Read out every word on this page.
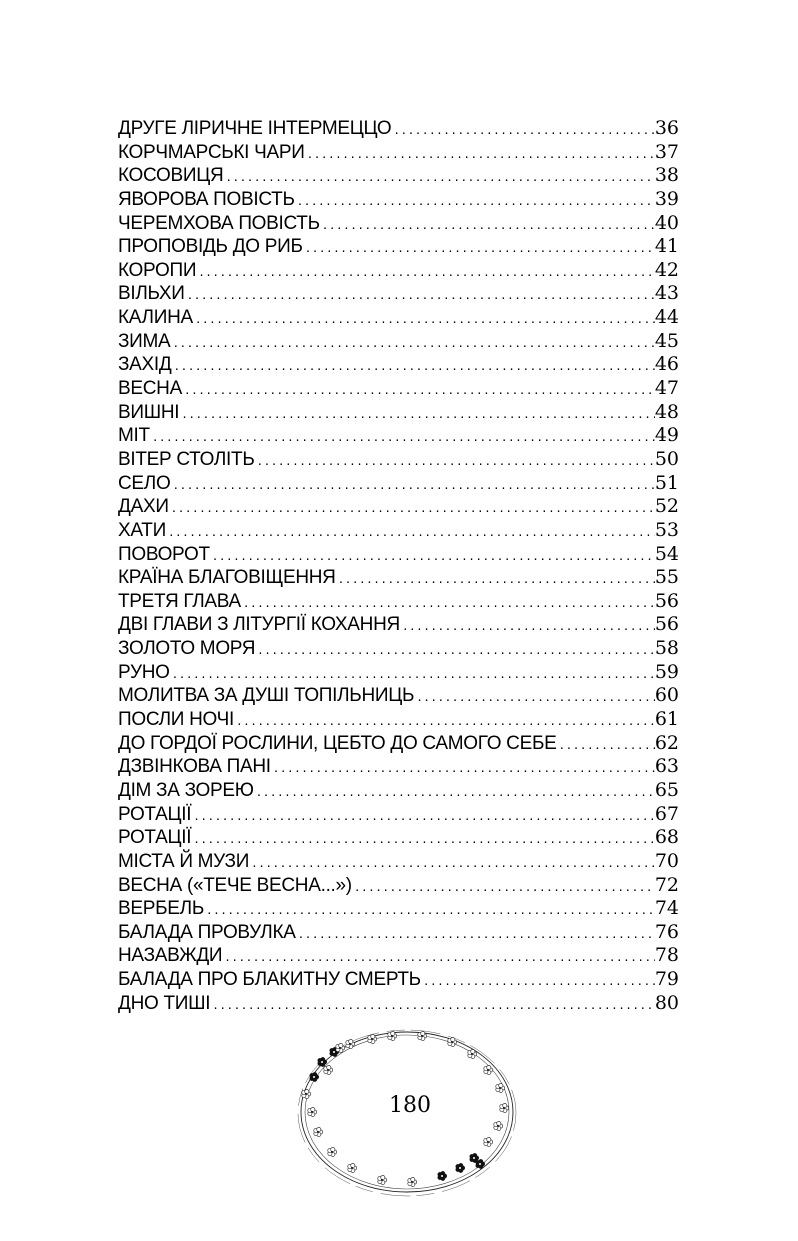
ДРУГЕ ЛІРИЧНЕ ІНТЕРМЕЦЦО .....	36
КОРЧМАРСЬКІ ЧАРИ .....	37
КОСОВИЦЯ .....	38
ЯВОРОВА ПОВІСТЬ .....	39
ЧЕРЕМХОВА ПОВІСТЬ .....	40
ПРОПОВІДЬ ДО РИБ .....	41
КОРОПИ .....	42
ВІЛЬХИ .....	43
КАЛИНА .....	44
ЗИМА .....	45
ЗАХІД .....	46
ВЕСНА .....	47
ВИШНІ .....	48
МІТ .....	49
ВІТЕР СТОЛІТЬ .....	50
СЕЛО .....	51
ДАХИ .....	52
ХАТИ .....	53
ПОВОРОТ .....	54
КРАЇНА БЛАГОВІЩЕННЯ .....	55
ТРЕТЯ ГЛАВА .....	56
ДВІ ГЛАВИ З ЛІТУРГІЇ КОХАННЯ .....	56
ЗОЛОТО МОРЯ .....	58
РУНО .....	59
МОЛИТВА ЗА ДУШІ ТОПІЛЬНИЦЬ .....	60
ПОСЛИ НОЧІ .....	61
ДО ГОРДОЇ РОСЛИНИ, ЦЕБТО ДО САМОГО СЕБЕ .....	62
ДЗВІНКОВА ПАНІ .....	63
ДІМ ЗА ЗОРЕЮ .....	65
РОТАЦІЇ .....	67
РОТАЦІЇ .....	68
МІСТА Й МУЗИ .....	70
ВЕСНА («ТЕЧЕ ВЕСНА...») .....	72
ВЕРБЕЛЬ .....	74
БАЛАДА ПРОВУЛКА .....	76
НАЗАВЖДИ .....	78
БАЛАДА ПРО БЛАКИТНУ СМЕРТЬ .....	79
ДНО ТИШІ .....	80
180
